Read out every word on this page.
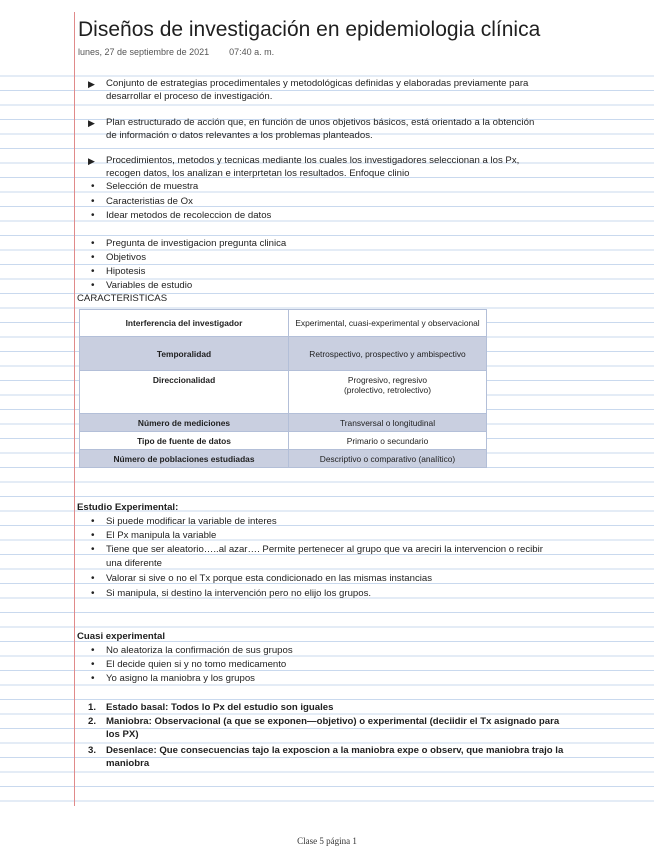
Diseños de investigación en epidemiologia clínica
lunes, 27 de septiembre de 2021 07:40 a. m.
▶ Conjunto de estrategias procedimentales y metodológicas definidas y elaboradas previamente para
desarrollar el proceso de investigación.
▶ Plan estructurado de acción que, en función de unos objetivos básicos, está orientado a la obtención
de información o datos relevantes a los problemas planteados.
▶ Procedimientos, metodos y tecnicas mediante los cuales los investigadores seleccionan a los Px,
recogen datos, los analizan e interprtetan los resultados. Enfoque clinio
• Selección de muestra
• Caracteristias de Ox
• Idear metodos de recoleccion de datos
• Pregunta de investigacion pregunta clinica
• Objetivos
• Hipotesis
• Variables de estudio
CARACTERISTICAS
Interferencia del investigador	Experimental, cuasi-experimental y observacional
Temporalidad	Retrospectivo, prospectivo y ambispectivo
Direccionalidad	Progresivo, regresivo
(prolectivo, retrolectivo)

Número de mediciones	Transversal o longitudinal
Tipo de fuente de datos	Primario o secundario
Número de poblaciones estudiadas	Descriptivo o comparativo (analítico)
Estudio Experimental:
• Si puede modificar la variable de interes
• El Px manipula la variable
• Tiene que ser aleatorio…..al azar…. Permite pertenecer al grupo que va areciri la intervencion o recibir
una diferente
• Valorar si sive o no el Tx porque esta condicionado en las mismas instancias
• Si manipula, si destino la intervención pero no elijo los grupos.
Cuasi experimental
• No aleatoriza la confirmación de sus grupos
• El decide quien si y no tomo medicamento
• Yo asigno la maniobra y los grupos
1. Estado basal: Todos lo Px del estudio son iguales
2. Maniobra: Observacional (a que se exponen—objetivo) o experimental (deciidir el Tx asignado para
los PX)
3. Desenlace: Que consecuencias tajo la exposcion a la maniobra expe o observ, que maniobra trajo la
maniobra
Clase 5 página 1
